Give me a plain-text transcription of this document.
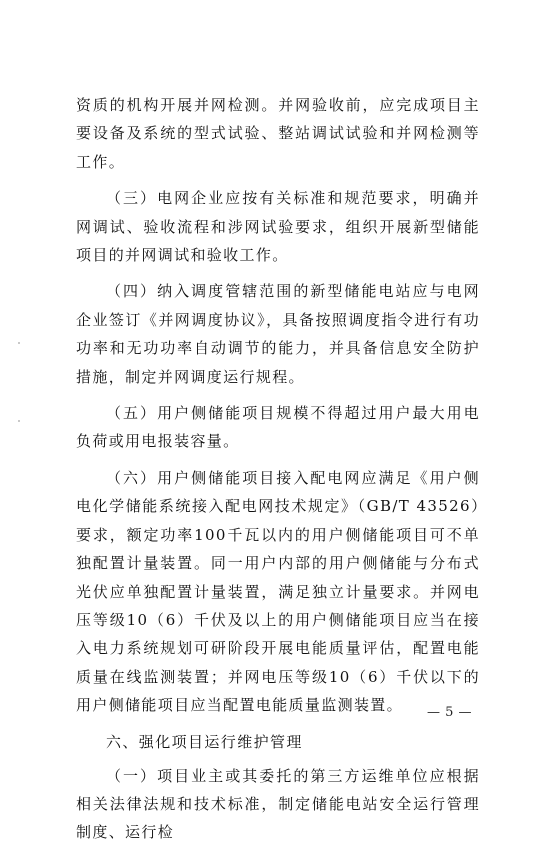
资质的机构开展并网检测。并网验收前，应完成项目主要设备及系统的型式试验、整站调试试验和并网检测等工作。

（三）电网企业应按有关标准和规范要求，明确并网调试、验收流程和涉网试验要求，组织开展新型储能项目的并网调试和验收工作。

（四）纳入调度管辖范围的新型储能电站应与电网企业签订《并网调度协议》，具备按照调度指令进行有功功率和无功功率自动调节的能力，并具备信息安全防护措施，制定并网调度运行规程。

（五）用户侧储能项目规模不得超过用户最大用电负荷或用电报装容量。

（六）用户侧储能项目接入配电网应满足《用户侧电化学储能系统接入配电网技术规定》（GB/T 43526）要求，额定功率100千瓦以内的用户侧储能项目可不单独配置计量装置。同一用户内部的用户侧储能与分布式光伏应单独配置计量装置，满足独立计量要求。并网电压等级10（6）千伏及以上的用户侧储能项目应当在接入电力系统规划可研阶段开展电能质量评估，配置电能质量在线监测装置；并网电压等级10（6）千伏以下的用户侧储能项目应当配置电能质量监测装置。

六、强化项目运行维护管理

（一）项目业主或其委托的第三方运维单位应根据相关法律法规和技术标准，制定储能电站安全运行管理制度、运行检

— 5 —
